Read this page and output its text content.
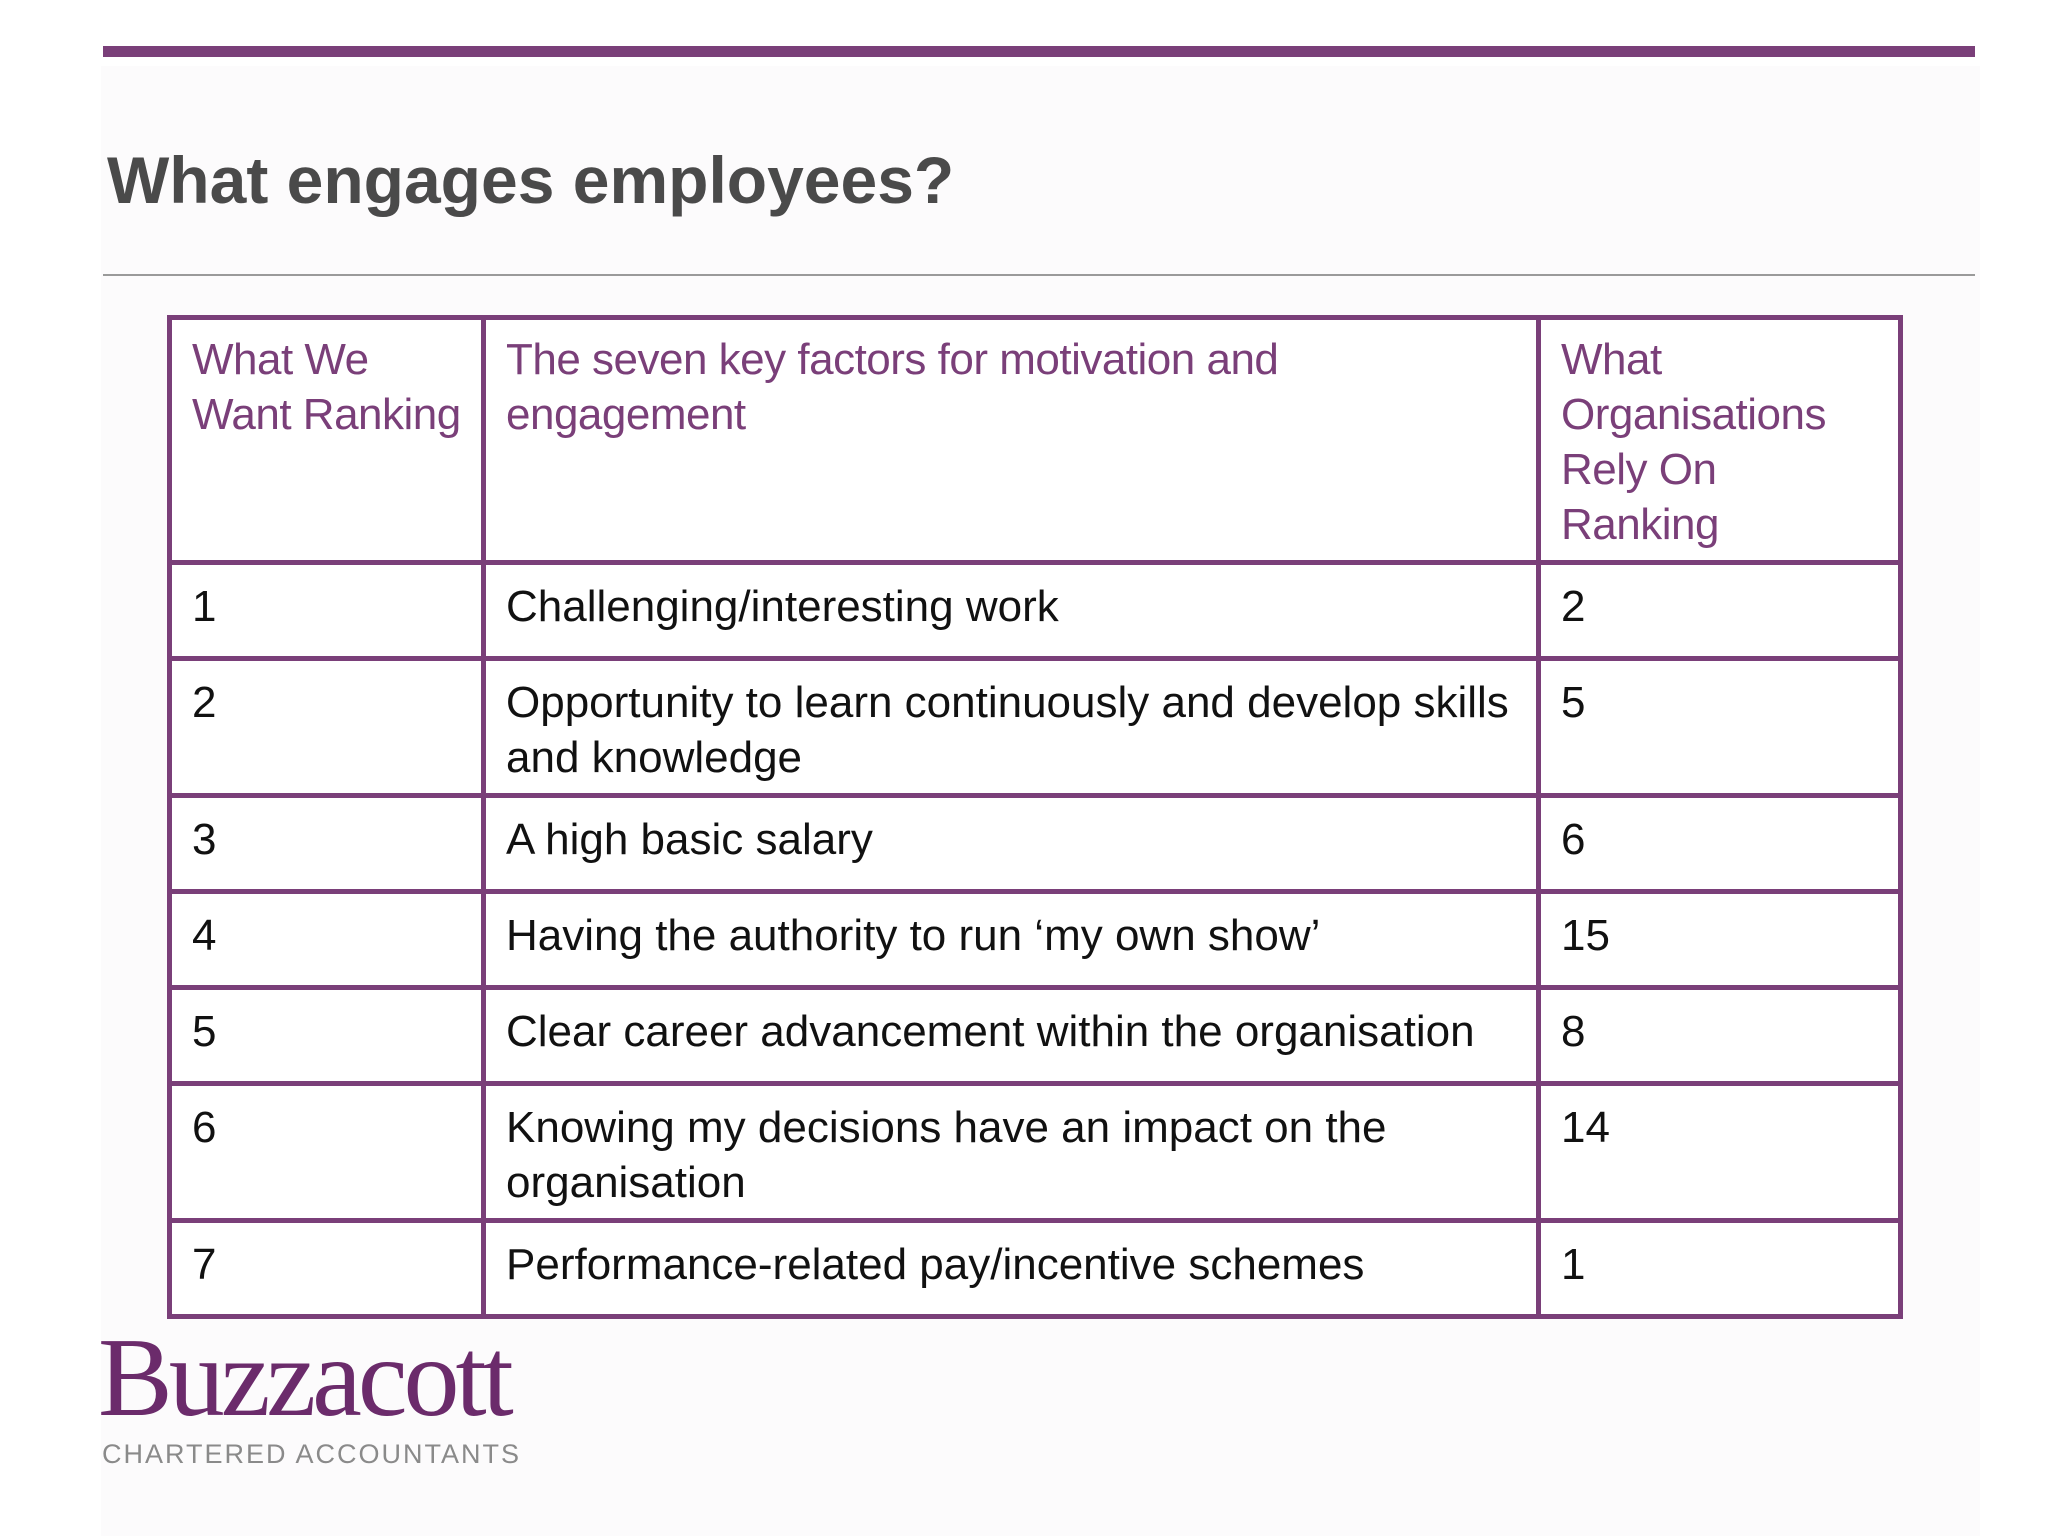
What engages employees?
What We Want Ranking	The seven key factors for motivation and engagement	What Organisations Rely On Ranking
1	Challenging/interesting work	2
2	Opportunity to learn continuously and develop skills and knowledge	5
3	A high basic salary	6
4	Having the authority to run ‘my own show’	15
5	Clear career advancement within the organisation	8
6	Knowing my decisions have an impact on the organisation	14
7	Performance-related pay/incentive schemes	1
Buzzacott
CHARTERED ACCOUNTANTS
